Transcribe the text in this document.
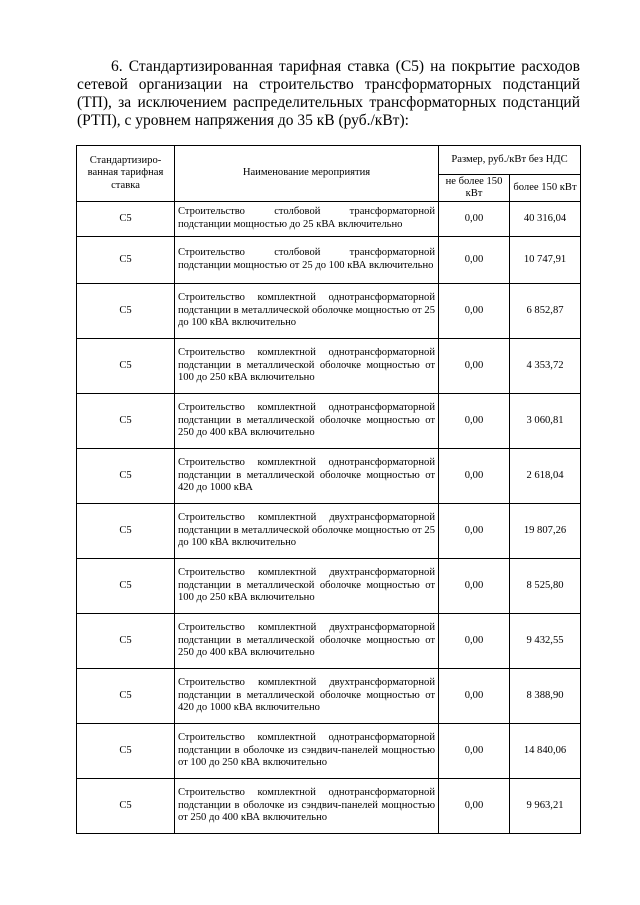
6. Стандартизированная тарифная ставка (С5) на покрытие расходов сетевой организации на строительство трансформаторных подстанций (ТП), за исключением распределительных трансформаторных подстанций (РТП), с уровнем напряжения до 35 кВ (руб./кВт):

Стандартизиро-ванная тарифная ставка	Наименование мероприятия	Размер, руб./кВт без НДС	
		не более 150 кВт	более 150 кВт
С5	Строительство столбовой трансформаторной подстанции мощностью до 25 кВА включительно	0,00	40 316,04
С5	Строительство столбовой трансформаторной подстанции мощностью от 25 до 100 кВА включительно	0,00	10 747,91
С5	Строительство комплектной однотрансформаторной подстанции в металлической оболочке мощностью от 25 до 100 кВА включительно	0,00	6 852,87
С5	Строительство комплектной однотрансформаторной подстанции в металлической оболочке мощностью от 100 до 250 кВА включительно	0,00	4 353,72
С5	Строительство комплектной однотрансформаторной подстанции в металлической оболочке мощностью от 250 до 400 кВА включительно	0,00	3 060,81
С5	Строительство комплектной однотрансформаторной подстанции в металлической оболочке мощностью от 420 до 1000 кВА	0,00	2 618,04
С5	Строительство комплектной двухтрансформаторной подстанции в металлической оболочке мощностью от 25 до 100 кВА включительно	0,00	19 807,26
С5	Строительство комплектной двухтрансформаторной подстанции в металлической оболочке мощностью от 100 до 250 кВА включительно	0,00	8 525,80
С5	Строительство комплектной двухтрансформаторной подстанции в металлической оболочке мощностью от 250 до 400 кВА включительно	0,00	9 432,55
С5	Строительство комплектной двухтрансформаторной подстанции в металлической оболочке мощностью от 420 до 1000 кВА включительно	0,00	8 388,90
С5	Строительство комплектной однотрансформаторной подстанции в оболочке из сэндвич-панелей мощностью от 100 до 250 кВА включительно	0,00	14 840,06
С5	Строительство комплектной однотрансформаторной подстанции в оболочке из сэндвич-панелей мощностью от 250 до 400 кВА включительно	0,00	9 963,21
